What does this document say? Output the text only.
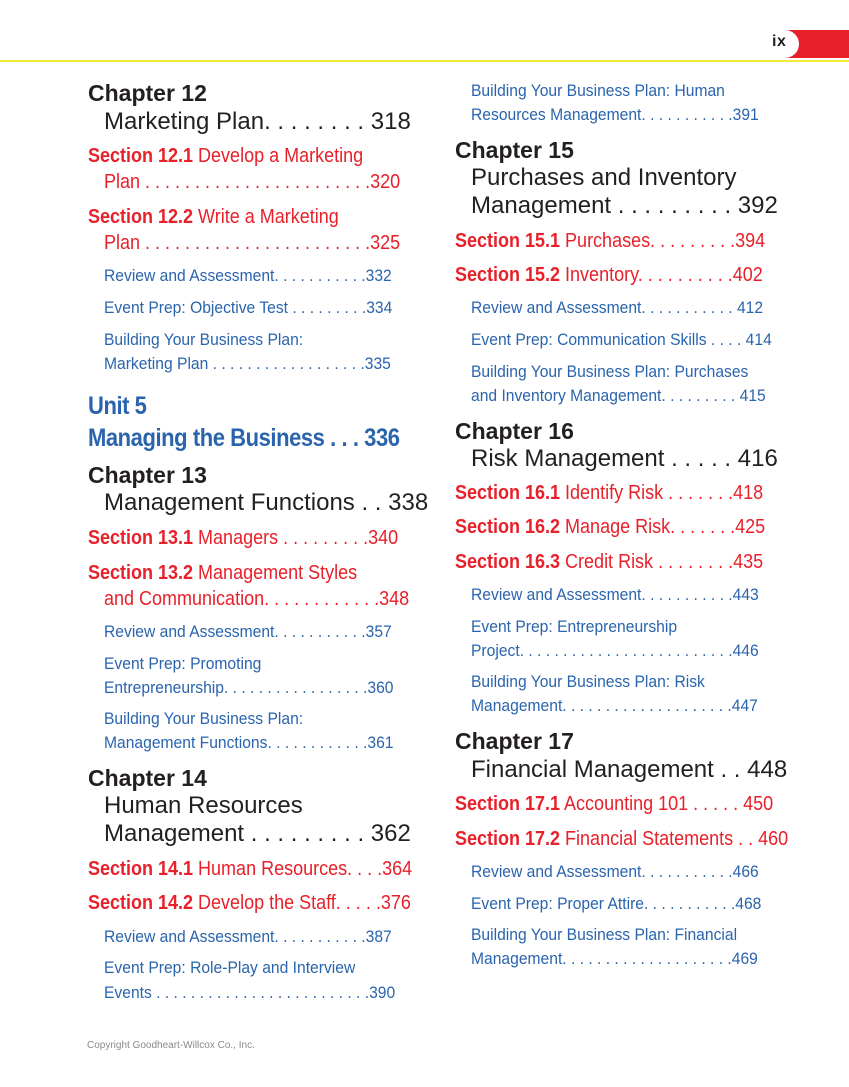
ix
Chapter 12
Marketing Plan. . . . . . . . 318
Section 12.1 Develop a Marketing
Plan . . . . . . . . . . . . . . . . . . . . . . .320
Section 12.2 Write a Marketing
Plan . . . . . . . . . . . . . . . . . . . . . . .325
Review and Assessment. . . . . . . . . . .332
Event Prep: Objective Test . . . . . . . . .334
Building Your Business Plan:
Marketing Plan . . . . . . . . . . . . . . . . . .335
Unit 5
Managing the Business . . . 336
Chapter 13
Management Functions . . 338
Section 13.1 Managers . . . . . . . . .340
Section 13.2 Management Styles
and Communication. . . . . . . . . . . .348
Review and Assessment. . . . . . . . . . .357
Event Prep: Promoting
Entrepreneurship. . . . . . . . . . . . . . . . .360
Building Your Business Plan:
Management Functions. . . . . . . . . . . .361
Chapter 14
Human Resources
Management . . . . . . . . . 362
Section 14.1 Human Resources. . . .364
Section 14.2 Develop the Staff. . . . .376
Review and Assessment. . . . . . . . . . .387
Event Prep: Role-Play and Interview
Events . . . . . . . . . . . . . . . . . . . . . . . . .390
Building Your Business Plan: Human
Resources Management. . . . . . . . . . .391
Chapter 15
Purchases and Inventory
Management . . . . . . . . . 392
Section 15.1 Purchases. . . . . . . . .394
Section 15.2 Inventory. . . . . . . . . .402
Review and Assessment. . . . . . . . . . . 412
Event Prep: Communication Skills . . . . 414
Building Your Business Plan: Purchases
and Inventory Management. . . . . . . . . 415
Chapter 16
Risk Management . . . . . 416
Section 16.1 Identify Risk . . . . . . .418
Section 16.2 Manage Risk. . . . . . .425
Section 16.3 Credit Risk . . . . . . . .435
Review and Assessment. . . . . . . . . . .443
Event Prep: Entrepreneurship
Project. . . . . . . . . . . . . . . . . . . . . . . . .446
Building Your Business Plan: Risk
Management. . . . . . . . . . . . . . . . . . . .447
Chapter 17
Financial Management . . 448
Section 17.1 Accounting 101 . . . . . 450
Section 17.2 Financial Statements . . 460
Review and Assessment. . . . . . . . . . .466
Event Prep: Proper Attire. . . . . . . . . . .468
Building Your Business Plan: Financial
Management. . . . . . . . . . . . . . . . . . . .469
Copyright Goodheart-Willcox Co., Inc.
